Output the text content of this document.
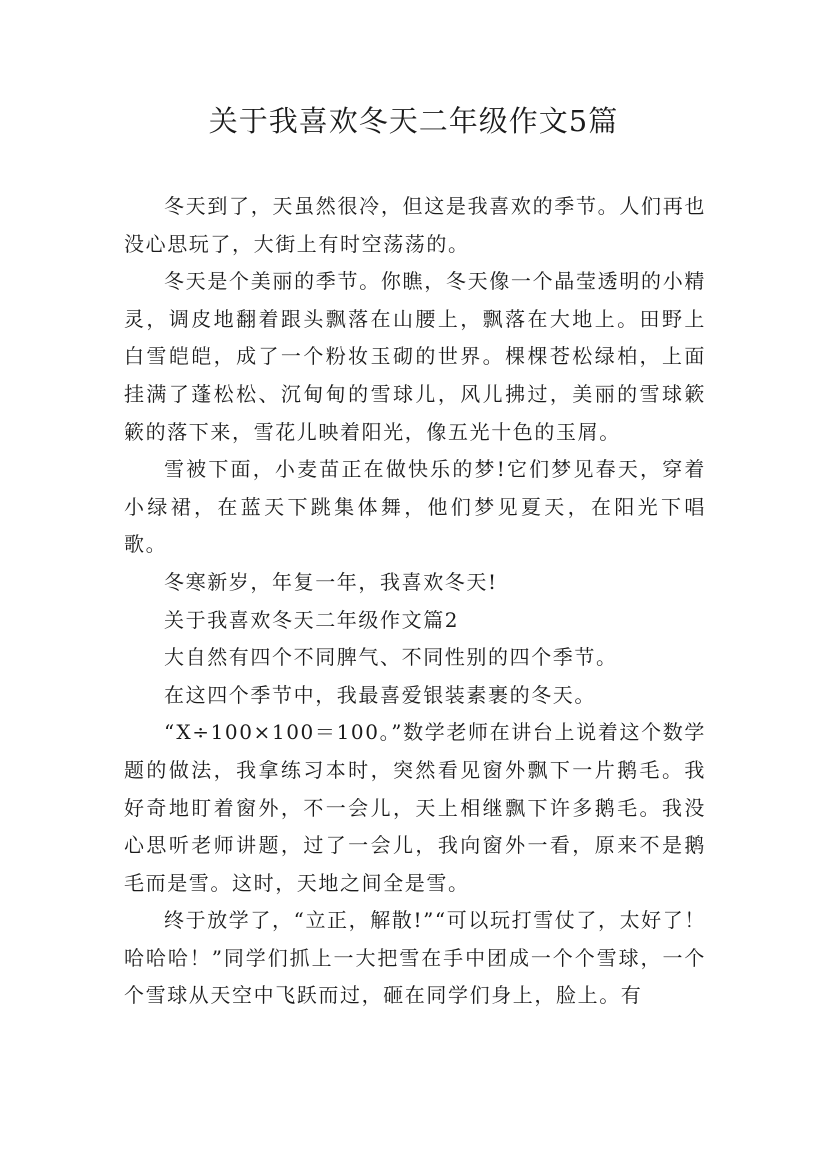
关于我喜欢冬天二年级作文5篇

冬天到了，天虽然很冷，但这是我喜欢的季节。人们再也没心思玩了，大街上有时空荡荡的。

冬天是个美丽的季节。你瞧，冬天像一个晶莹透明的小精灵，调皮地翻着跟头飘落在山腰上，飘落在大地上。田野上白雪皑皑，成了一个粉妆玉砌的世界。棵棵苍松绿柏，上面挂满了蓬松松、沉甸甸的雪球儿，风儿拂过，美丽的雪球簌簌的落下来，雪花儿映着阳光，像五光十色的玉屑。

雪被下面，小麦苗正在做快乐的梦!它们梦见春天，穿着小绿裙，在蓝天下跳集体舞，他们梦见夏天，在阳光下唱歌。

冬寒新岁，年复一年，我喜欢冬天!

关于我喜欢冬天二年级作文篇2

大自然有四个不同脾气、不同性别的四个季节。

在这四个季节中，我最喜爱银装素裹的冬天。

“X÷100×100＝100。”数学老师在讲台上说着这个数学题的做法，我拿练习本时，突然看见窗外飘下一片鹅毛。我好奇地盯着窗外，不一会儿，天上相继飘下许多鹅毛。我没心思听老师讲题，过了一会儿，我向窗外一看，原来不是鹅毛而是雪。这时，天地之间全是雪。

终于放学了，“立正，解散!”“可以玩打雪仗了，太好了！哈哈哈！”同学们抓上一大把雪在手中团成一个个雪球，一个个雪球从天空中飞跃而过，砸在同学们身上，脸上。有
